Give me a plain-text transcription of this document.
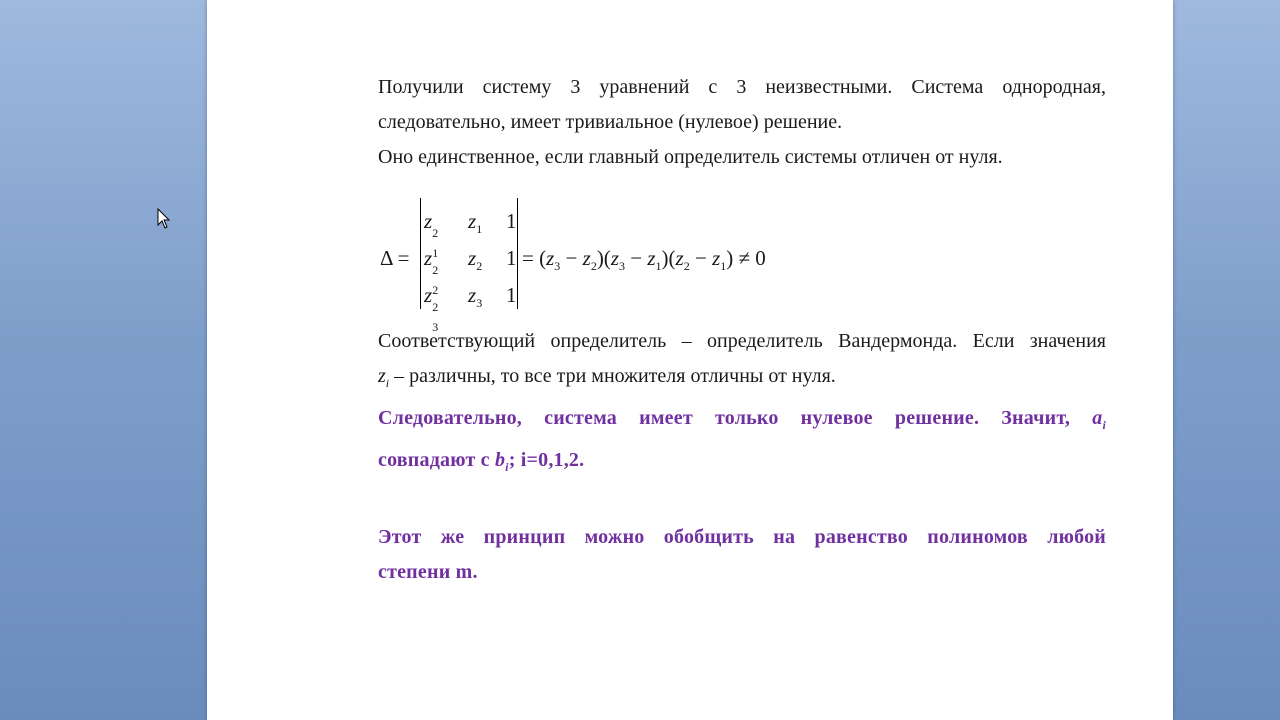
Получили систему 3 уравнений с 3 неизвестными. Система однородная,

следовательно, имеет тривиальное (нулевое) решение.

Оно единственное, если главный определитель системы отличен от нуля.

Δ =
z 2
1
$z_1$ 1
z 2
2
$z_2$ 1
z 2
3
$z_3$ 1
= $(z_3 - z_2)(z_3 - z_1)(z_2 - z_1) \ne 0$

Соответствующий определитель – определитель Вандермонда. Если значения

$z_i$ – различны, то все три множителя отличны от нуля.

Следовательно, система имеет только нулевое решение. Значит, $a_i$

совпадают с $b_i$; i=0,1,2.

Этот же принцип можно обобщить на равенство полиномов любой

степени m.
